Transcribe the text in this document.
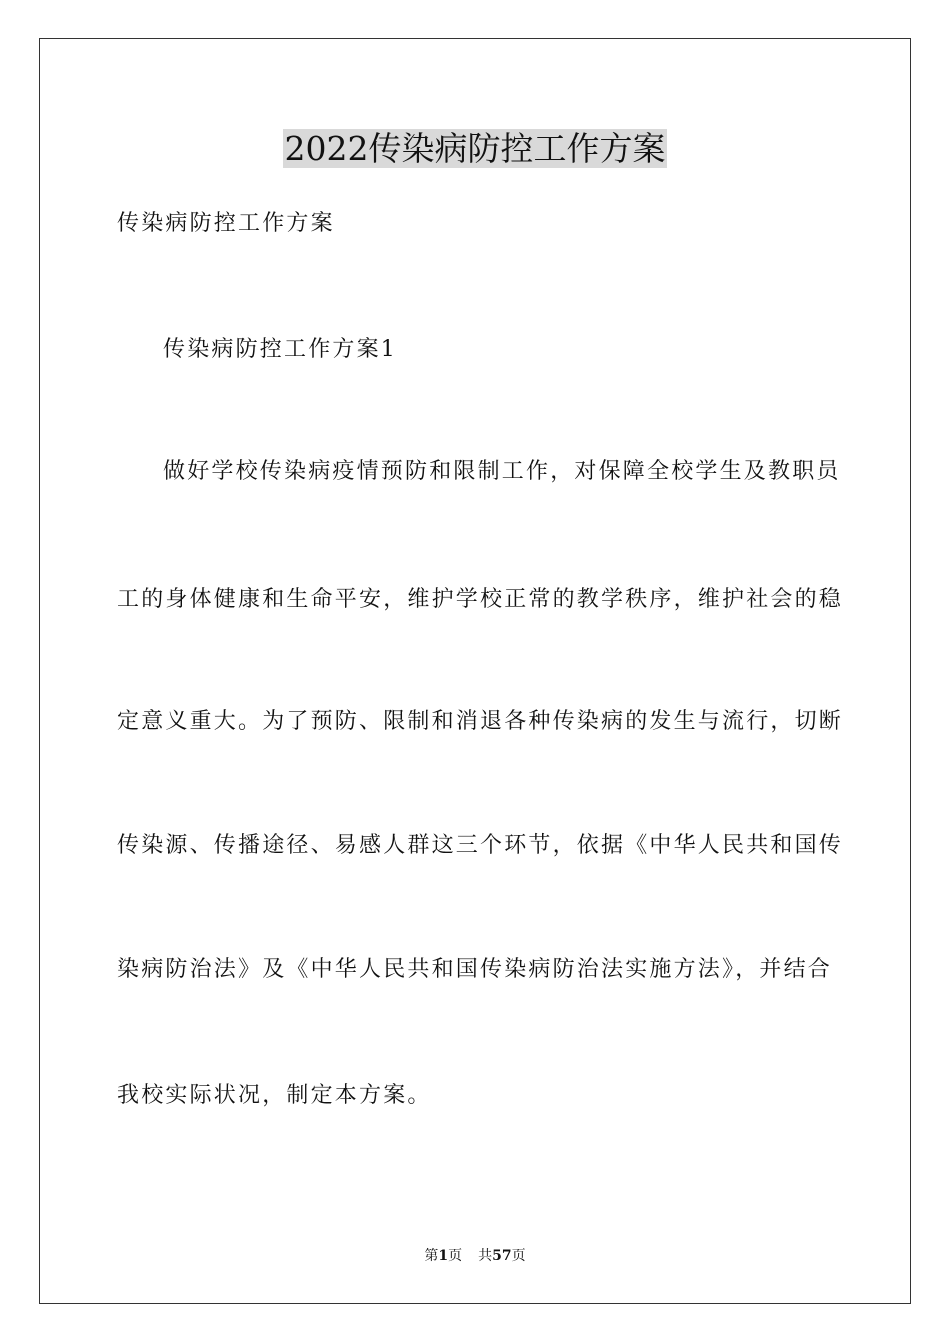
2022传染病防控工作方案

传染病防控工作方案

传染病防控工作方案1

做好学校传染病疫情预防和限制工作，对保障全校学生及教职员

工的身体健康和生命平安，维护学校正常的教学秩序，维护社会的稳

定意义重大。为了预防、限制和消退各种传染病的发生与流行，切断

传染源、传播途径、易感人群这三个环节，依据《中华人民共和国传

染病防治法》及《中华人民共和国传染病防治法实施方法》，并结合

我校实际状况，制定本方案。

第1页 共57页
